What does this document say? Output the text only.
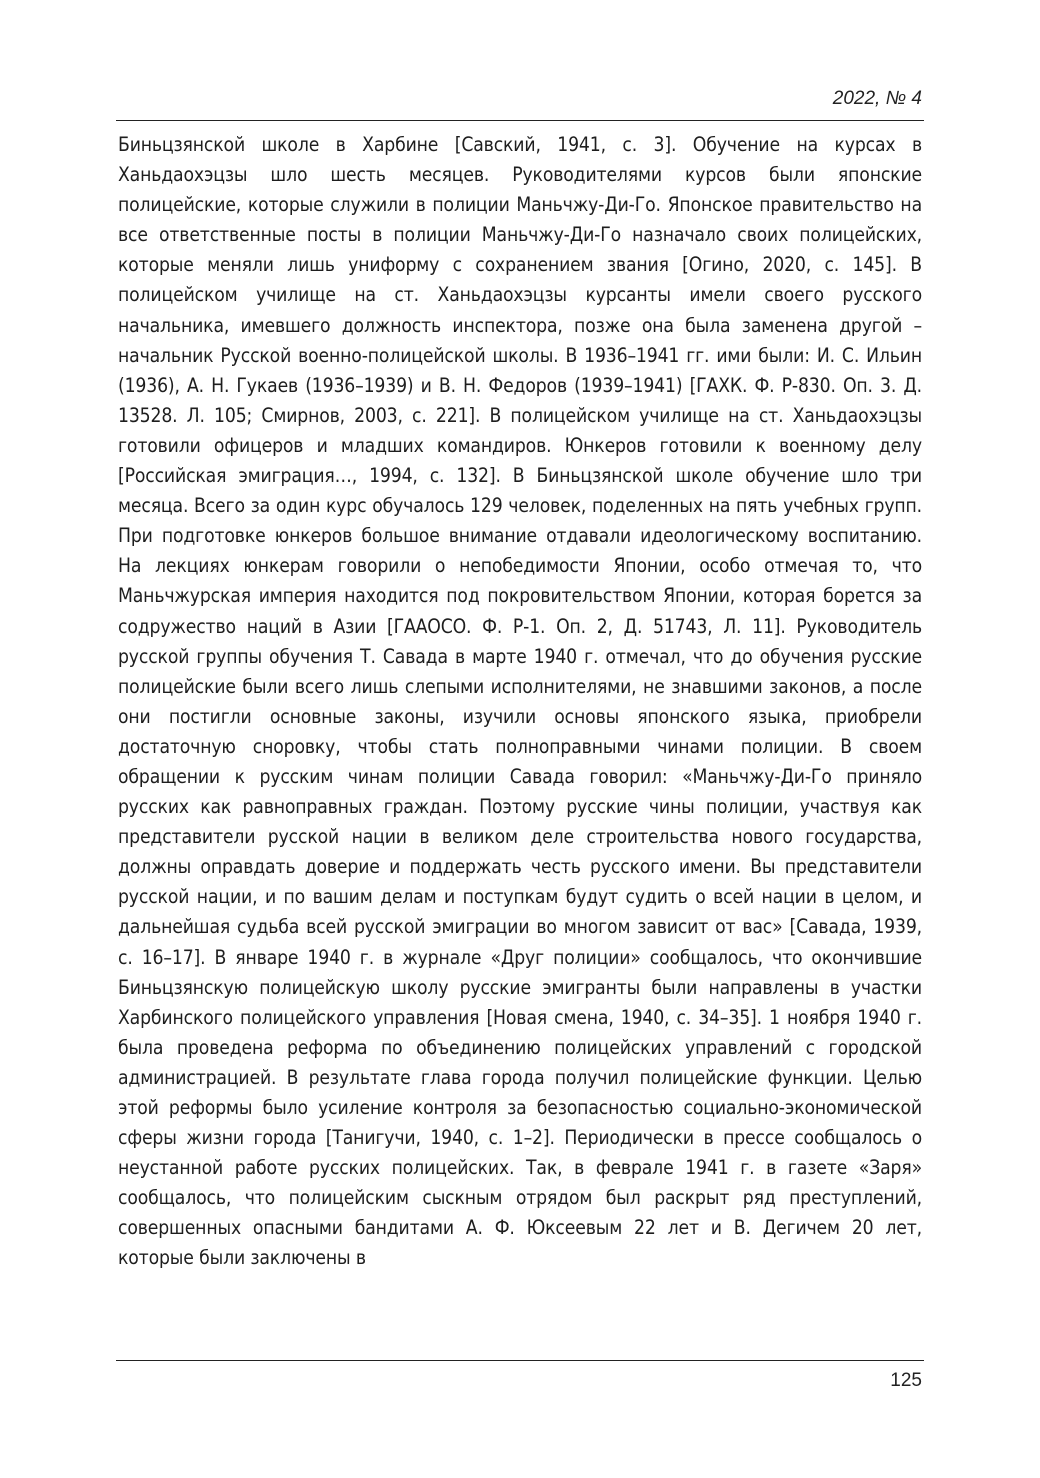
2022, № 4

Биньцзянской школе в Харбине [Савский, 1941, с. 3]. Обучение на курсах в Ханьдаохэцзы шло шесть месяцев. Руководителями курсов были японские полицейские, которые служили в полиции Маньчжу-Ди-Го. Японское правительство на все ответственные посты в полиции Маньчжу-Ди-Го назначало своих полицейских, которые меняли лишь униформу с сохранением звания [Огино, 2020, с. 145]. В полицейском училище на ст. Ханьдаохэцзы курсанты имели своего русского начальника, имевшего должность инспектора, позже она была заменена другой – начальник Русской военно-полицейской школы. В 1936–1941 гг. ими были: И. С. Ильин (1936), А. Н. Гукаев (1936–1939) и В. Н. Федоров (1939–1941) [ГАХК. Ф. Р-830. Оп. 3. Д. 13528. Л. 105; Смирнов, 2003, с. 221]. В полицейском училище на ст. Ханьдаохэцзы готовили офицеров и младших командиров. Юнкеров готовили к военному делу [Российская эмиграция…, 1994, с. 132]. В Биньцзянской школе обучение шло три месяца. Всего за один курс обучалось 129 человек, поделенных на пять учебных групп. При подготовке юнкеров большое внимание отдавали идеологическому воспитанию. На лекциях юнкерам говорили о непобедимости Японии, особо отмечая то, что Маньчжурская империя находится под покровительством Японии, которая борется за содружество наций в Азии [ГААОСО. Ф. Р-1. Оп. 2, Д. 51743, Л. 11]. Руководитель русской группы обучения Т. Савада в марте 1940 г. отмечал, что до обучения русские полицейские были всего лишь слепыми исполнителями, не знавшими законов, а после они постигли основные законы, изучили основы японского языка, приобрели достаточную сноровку, чтобы стать полноправными чинами полиции. В своем обращении к русским чинам полиции Савада говорил: «Маньчжу-Ди-Го приняло русских как равноправных граждан. Поэтому русские чины полиции, участвуя как представители русской нации в великом деле строительства нового государства, должны оправдать доверие и поддержать честь русского имени. Вы представители русской нации, и по вашим делам и поступкам будут судить о всей нации в целом, и дальнейшая судьба всей русской эмиграции во многом зависит от вас» [Савада, 1939, с. 16–17]. В январе 1940 г. в журнале «Друг полиции» сообщалось, что окончившие Биньцзянскую полицейскую школу русские эмигранты были направлены в участки Харбинского полицейского управления [Новая смена, 1940, с. 34–35]. 1 ноября 1940 г. была проведена реформа по объединению полицейских управлений с городской администрацией. В результате глава города получил полицейские функции. Целью этой реформы было усиление контроля за безопасностью социально-экономической сферы жизни города [Танигучи, 1940, с. 1–2]. Периодически в прессе сообщалось о неустанной работе русских полицейских. Так, в феврале 1941 г. в газете «Заря» сообщалось, что полицейским сыскным отрядом был раскрыт ряд преступлений, совершенных опасными бандитами А. Ф. Юксеевым 22 лет и В. Дегичем 20 лет, которые были заключены в

125
